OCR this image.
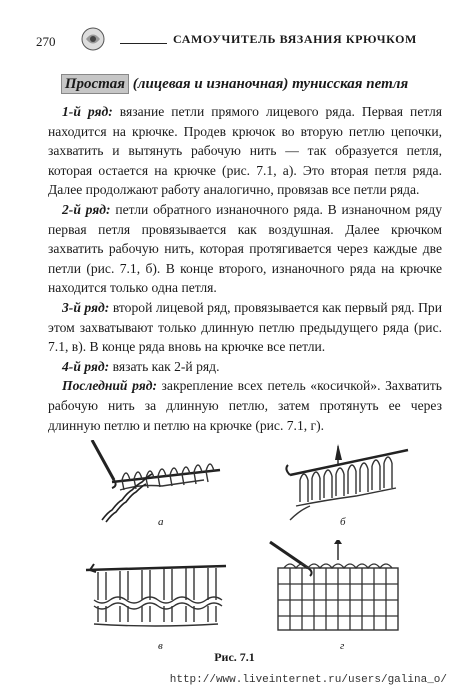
270	САМОУЧИТЕЛЬ ВЯЗАНИЯ КРЮЧКОМ
Простая (лицевая и изнаночная) тунисская петля

1-й ряд: вязание петли прямого лицевого ряда. Первая петля находится на крючке. Продев крючок во вторую петлю цепочки, захватить и вытянуть рабочую нить — так образуется петля, которая остается на крючке (рис. 7.1, а). Это вторая петля ряда. Далее продолжают работу аналогично, провязав все петли ряда.

2-й ряд: петли обратного изнаночного ряда. В изнаночном ряду первая петля провязывается как воздушная. Далее крючком захватить рабочую нить, которая протягивается через каждые две петли (рис. 7.1, б). В конце второго, изнаночного ряда на крючке находится только одна петля.

3-й ряд: второй лицевой ряд, провязывается как первый ряд. При этом захватывают только длинную петлю предыдущего ряда (рис. 7.1, в). В конце ряда вновь на крючке все петли.

4-й ряд: вязать как 2-й ряд.

Последний ряд: закрепление всех петель «косичкой». Захватить рабочую нить за длинную петлю, затем протянуть ее через длинную петлю и петлю на крючке (рис. 7.1, г).

а	б
в	г
Рис. 7.1
http://www.liveinternet.ru/users/galina_o/
